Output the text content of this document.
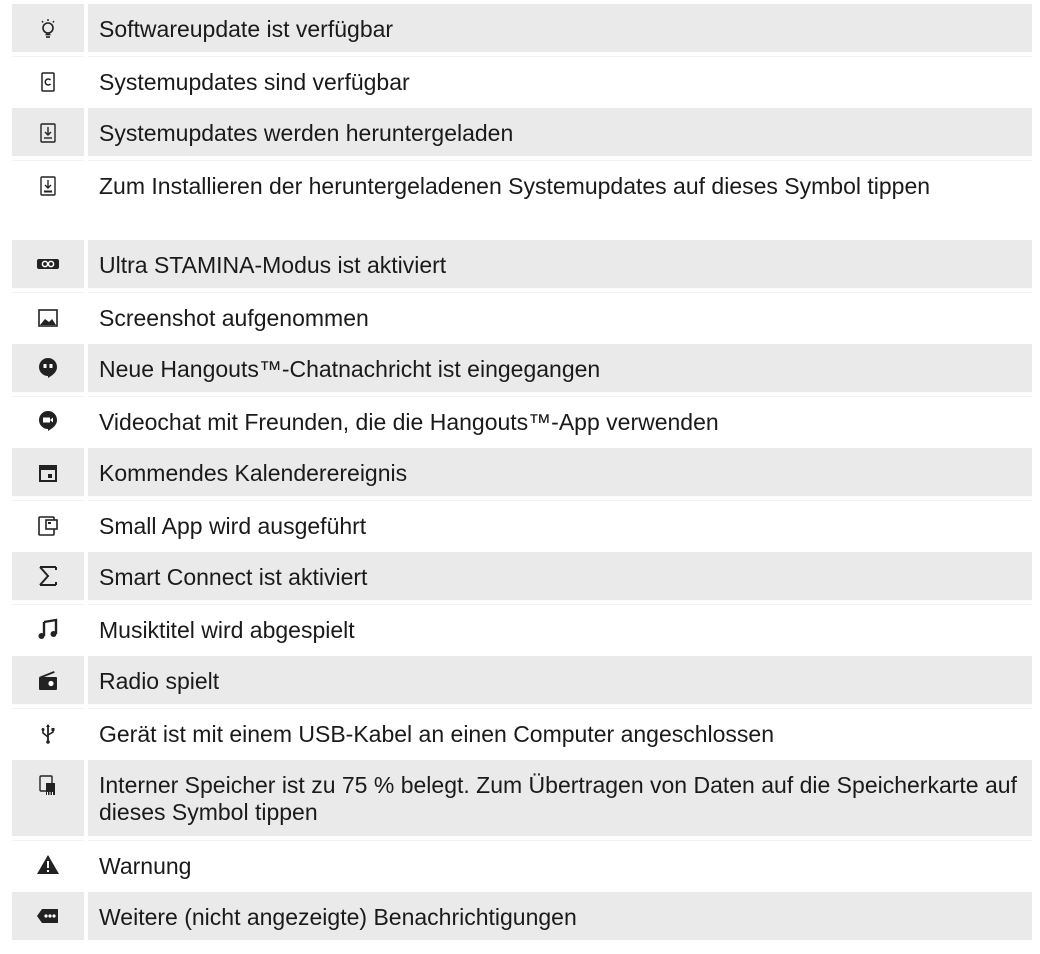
Softwareupdate ist verfügbar
Systemupdates sind verfügbar
Systemupdates werden heruntergeladen
Zum Installieren der heruntergeladenen Systemupdates auf dieses Symbol tippen
Ultra STAMINA-Modus ist aktiviert
Screenshot aufgenommen
Neue Hangouts™-Chatnachricht ist eingegangen
Videochat mit Freunden, die die Hangouts™-App verwenden
Kommendes Kalenderereignis
Small App wird ausgeführt
Smart Connect ist aktiviert
Musiktitel wird abgespielt
Radio spielt
Gerät ist mit einem USB-Kabel an einen Computer angeschlossen
Interner Speicher ist zu 75 % belegt. Zum Übertragen von Daten auf die Speicherkarte auf dieses Symbol tippen
Warnung
Weitere (nicht angezeigte) Benachrichtigungen
